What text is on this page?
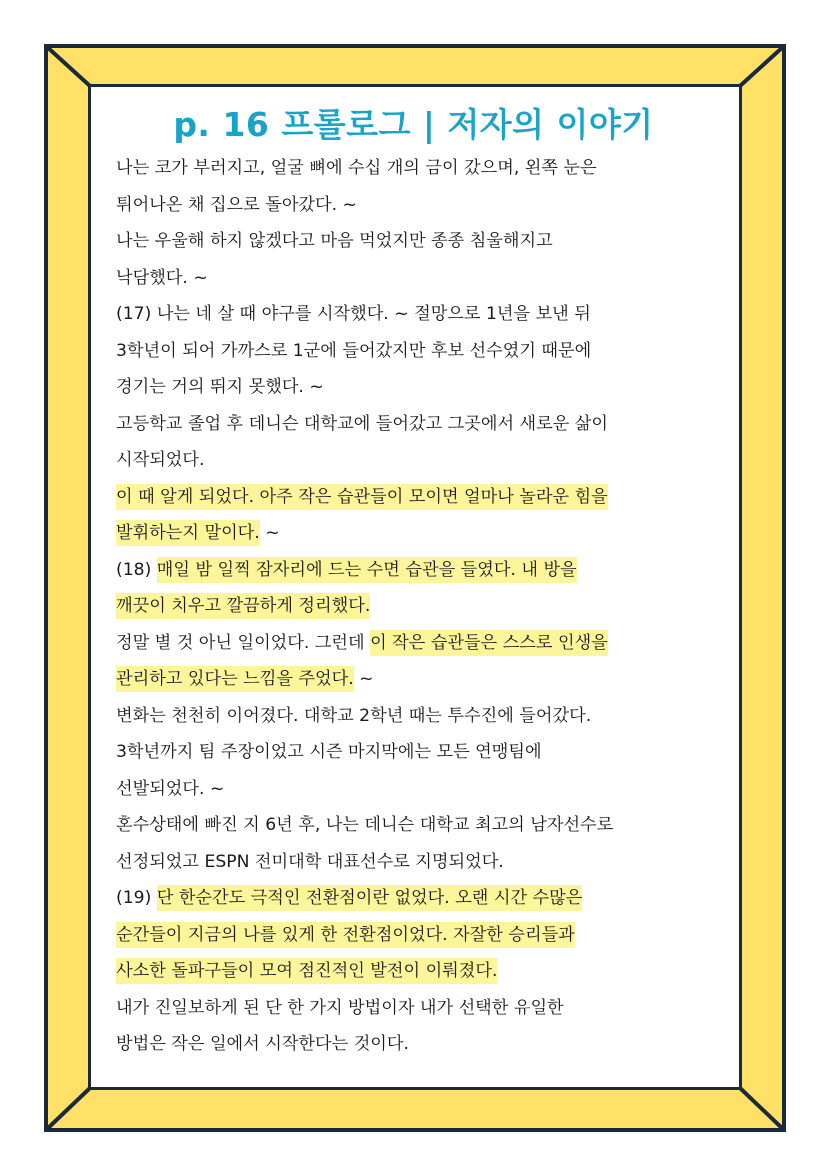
p. 16 프롤로그 | 저자의 이야기
나는 코가 부러지고, 얼굴 뼈에 수십 개의 금이 갔으며, 왼쪽 눈은
튀어나온 채 집으로 돌아갔다. ~
나는 우울해 하지 않겠다고 마음 먹었지만 종종 침울해지고
낙담했다. ~
(17) 나는 네 살 때 야구를 시작했다. ~ 절망으로 1년을 보낸 뒤
3학년이 되어 가까스로 1군에 들어갔지만 후보 선수였기 때문에
경기는 거의 뛰지 못했다. ~
고등학교 졸업 후 데니슨 대학교에 들어갔고 그곳에서 새로운 삶이
시작되었다.
이 때 알게 되었다. 아주 작은 습관들이 모이면 얼마나 놀라운 힘을
발휘하는지 말이다. ~
(18) 매일 밤 일찍 잠자리에 드는 수면 습관을 들였다. 내 방을
깨끗이 치우고 깔끔하게 정리했다.
정말 별 것 아닌 일이었다. 그런데 이 작은 습관들은 스스로 인생을
관리하고 있다는 느낌을 주었다. ~
변화는 천천히 이어졌다. 대학교 2학년 때는 투수진에 들어갔다.
3학년까지 팀 주장이었고 시즌 마지막에는 모든 연맹팀에
선발되었다. ~
혼수상태에 빠진 지 6년 후, 나는 데니슨 대학교 최고의 남자선수로
선정되었고 ESPN 전미대학 대표선수로 지명되었다.
(19) 단 한순간도 극적인 전환점이란 없었다. 오랜 시간 수많은
순간들이 지금의 나를 있게 한 전환점이었다. 자잘한 승리들과
사소한 돌파구들이 모여 점진적인 발전이 이뤄졌다.
내가 진일보하게 된 단 한 가지 방법이자 내가 선택한 유일한
방법은 작은 일에서 시작한다는 것이다.
